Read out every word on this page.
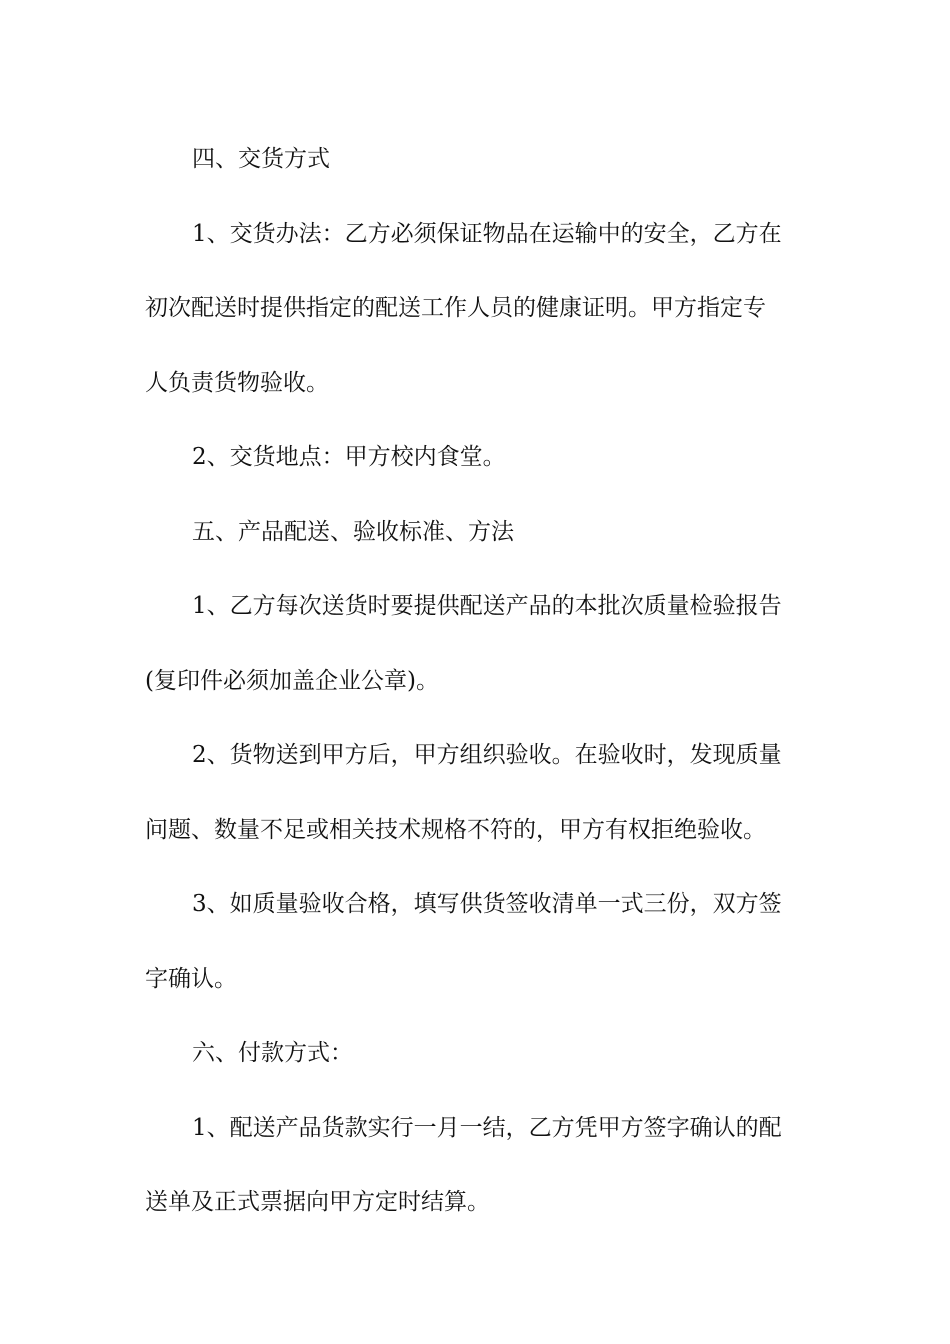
四、交货方式

1、交货办法：乙方必须保证物品在运输中的安全，乙方在
初次配送时提供指定的配送工作人员的健康证明。甲方指定专
人负责货物验收。
2、交货地点：甲方校内食堂。
五、产品配送、验收标准、方法
1、乙方每次送货时要提供配送产品的本批次质量检验报告
(复印件必须加盖企业公章)。
2、货物送到甲方后，甲方组织验收。在验收时，发现质量
问题、数量不足或相关技术规格不符的，甲方有权拒绝验收。
3、如质量验收合格，填写供货签收清单一式三份，双方签
字确认。
六、付款方式：
1、配送产品货款实行一月一结，乙方凭甲方签字确认的配
送单及正式票据向甲方定时结算。
